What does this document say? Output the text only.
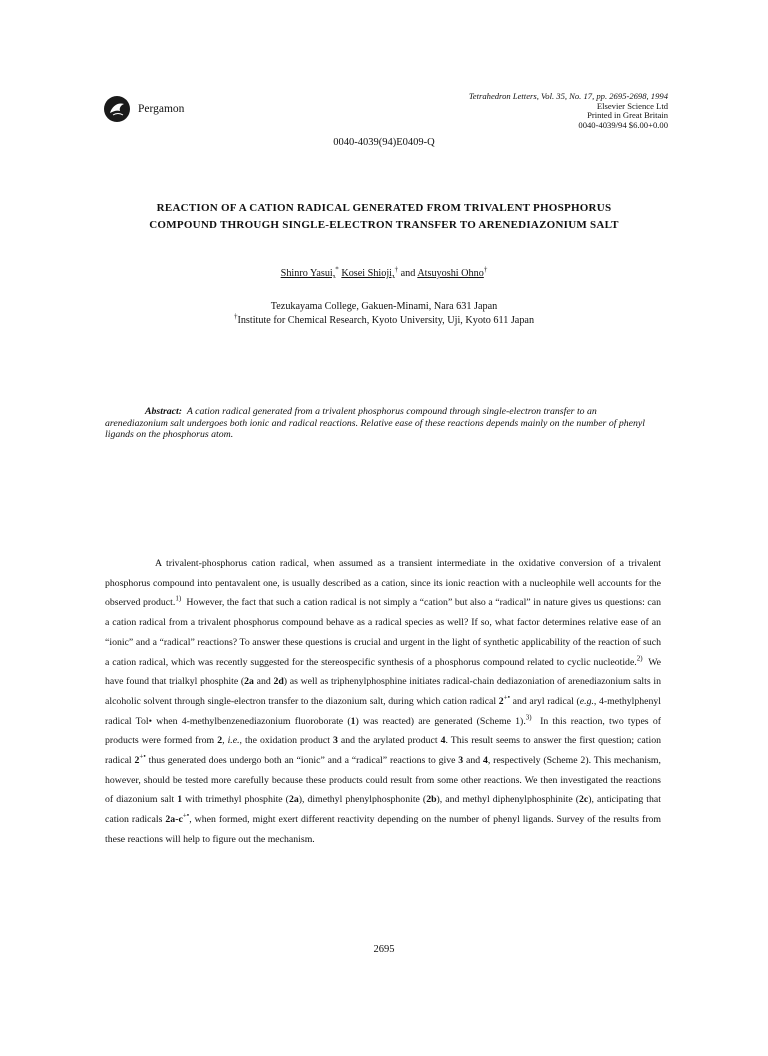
Pergamon
Tetrahedron Letters, Vol. 35, No. 17, pp. 2695-2698, 1994
Elsevier Science Ltd
Printed in Great Britain
0040-4039/94 $6.00+0.00
0040-4039(94)E0409-Q
REACTION OF A CATION RADICAL GENERATED FROM TRIVALENT PHOSPHORUS
COMPOUND THROUGH SINGLE-ELECTRON TRANSFER TO ARENEDIAZONIUM SALT
Shinro Yasui,* Kosei Shioji,† and Atsuyoshi Ohno†
Tezukayama College, Gakuen-Minami, Nara 631 Japan
†Institute for Chemical Research, Kyoto University, Uji, Kyoto 611 Japan
Abstract: A cation radical generated from a trivalent phosphorus compound through single-electron transfer to an arenediazonium salt undergoes both ionic and radical reactions. Relative ease of these reactions depends mainly on the number of phenyl ligands on the phosphorus atom.
A trivalent-phosphorus cation radical, when assumed as a transient intermediate in the oxidative conversion of a trivalent phosphorus compound into pentavalent one, is usually described as a cation, since its ionic reaction with a nucleophile well accounts for the observed product.$^{1)}$ However, the fact that such a cation radical is not simply a “cation” but also a “radical” in nature gives us questions: can a cation radical from a trivalent phosphorus compound behave as a radical species as well? If so, what factor determines relative ease of an “ionic” and a “radical” reactions? To answer these questions is crucial and urgent in the light of synthetic applicability of the reaction of such a cation radical, which was recently suggested for the stereospecific synthesis of a phosphorus compound related to cyclic nucleotide.$^{2)}$ We have found that trialkyl phosphite (2a and 2d) as well as triphenylphosphine initiates radical-chain dediazoniation of arenediazonium salts in alcoholic solvent through single-electron transfer to the diazonium salt, during which cation radical 2+• and aryl radical (e.g., 4-methylphenyl radical Tol• when 4-methylbenzenediazonium fluoroborate (1) was reacted) are generated (Scheme 1).$^{3)}$ In this reaction, two types of products were formed from 2, i.e., the oxidation product 3 and the arylated product 4. This result seems to answer the first question; cation radical 2+• thus generated does undergo both an “ionic” and a “radical” reactions to give 3 and 4, respectively (Scheme 2). This mechanism, however, should be tested more carefully because these products could result from some other reactions. We then investigated the reactions of diazonium salt 1 with trimethyl phosphite (2a), dimethyl phenylphosphonite (2b), and methyl diphenylphosphinite (2c), anticipating that cation radicals 2a-c+•, when formed, might exert different reactivity depending on the number of phenyl ligands. Survey of the results from these reactions will help to figure out the mechanism.
2695
